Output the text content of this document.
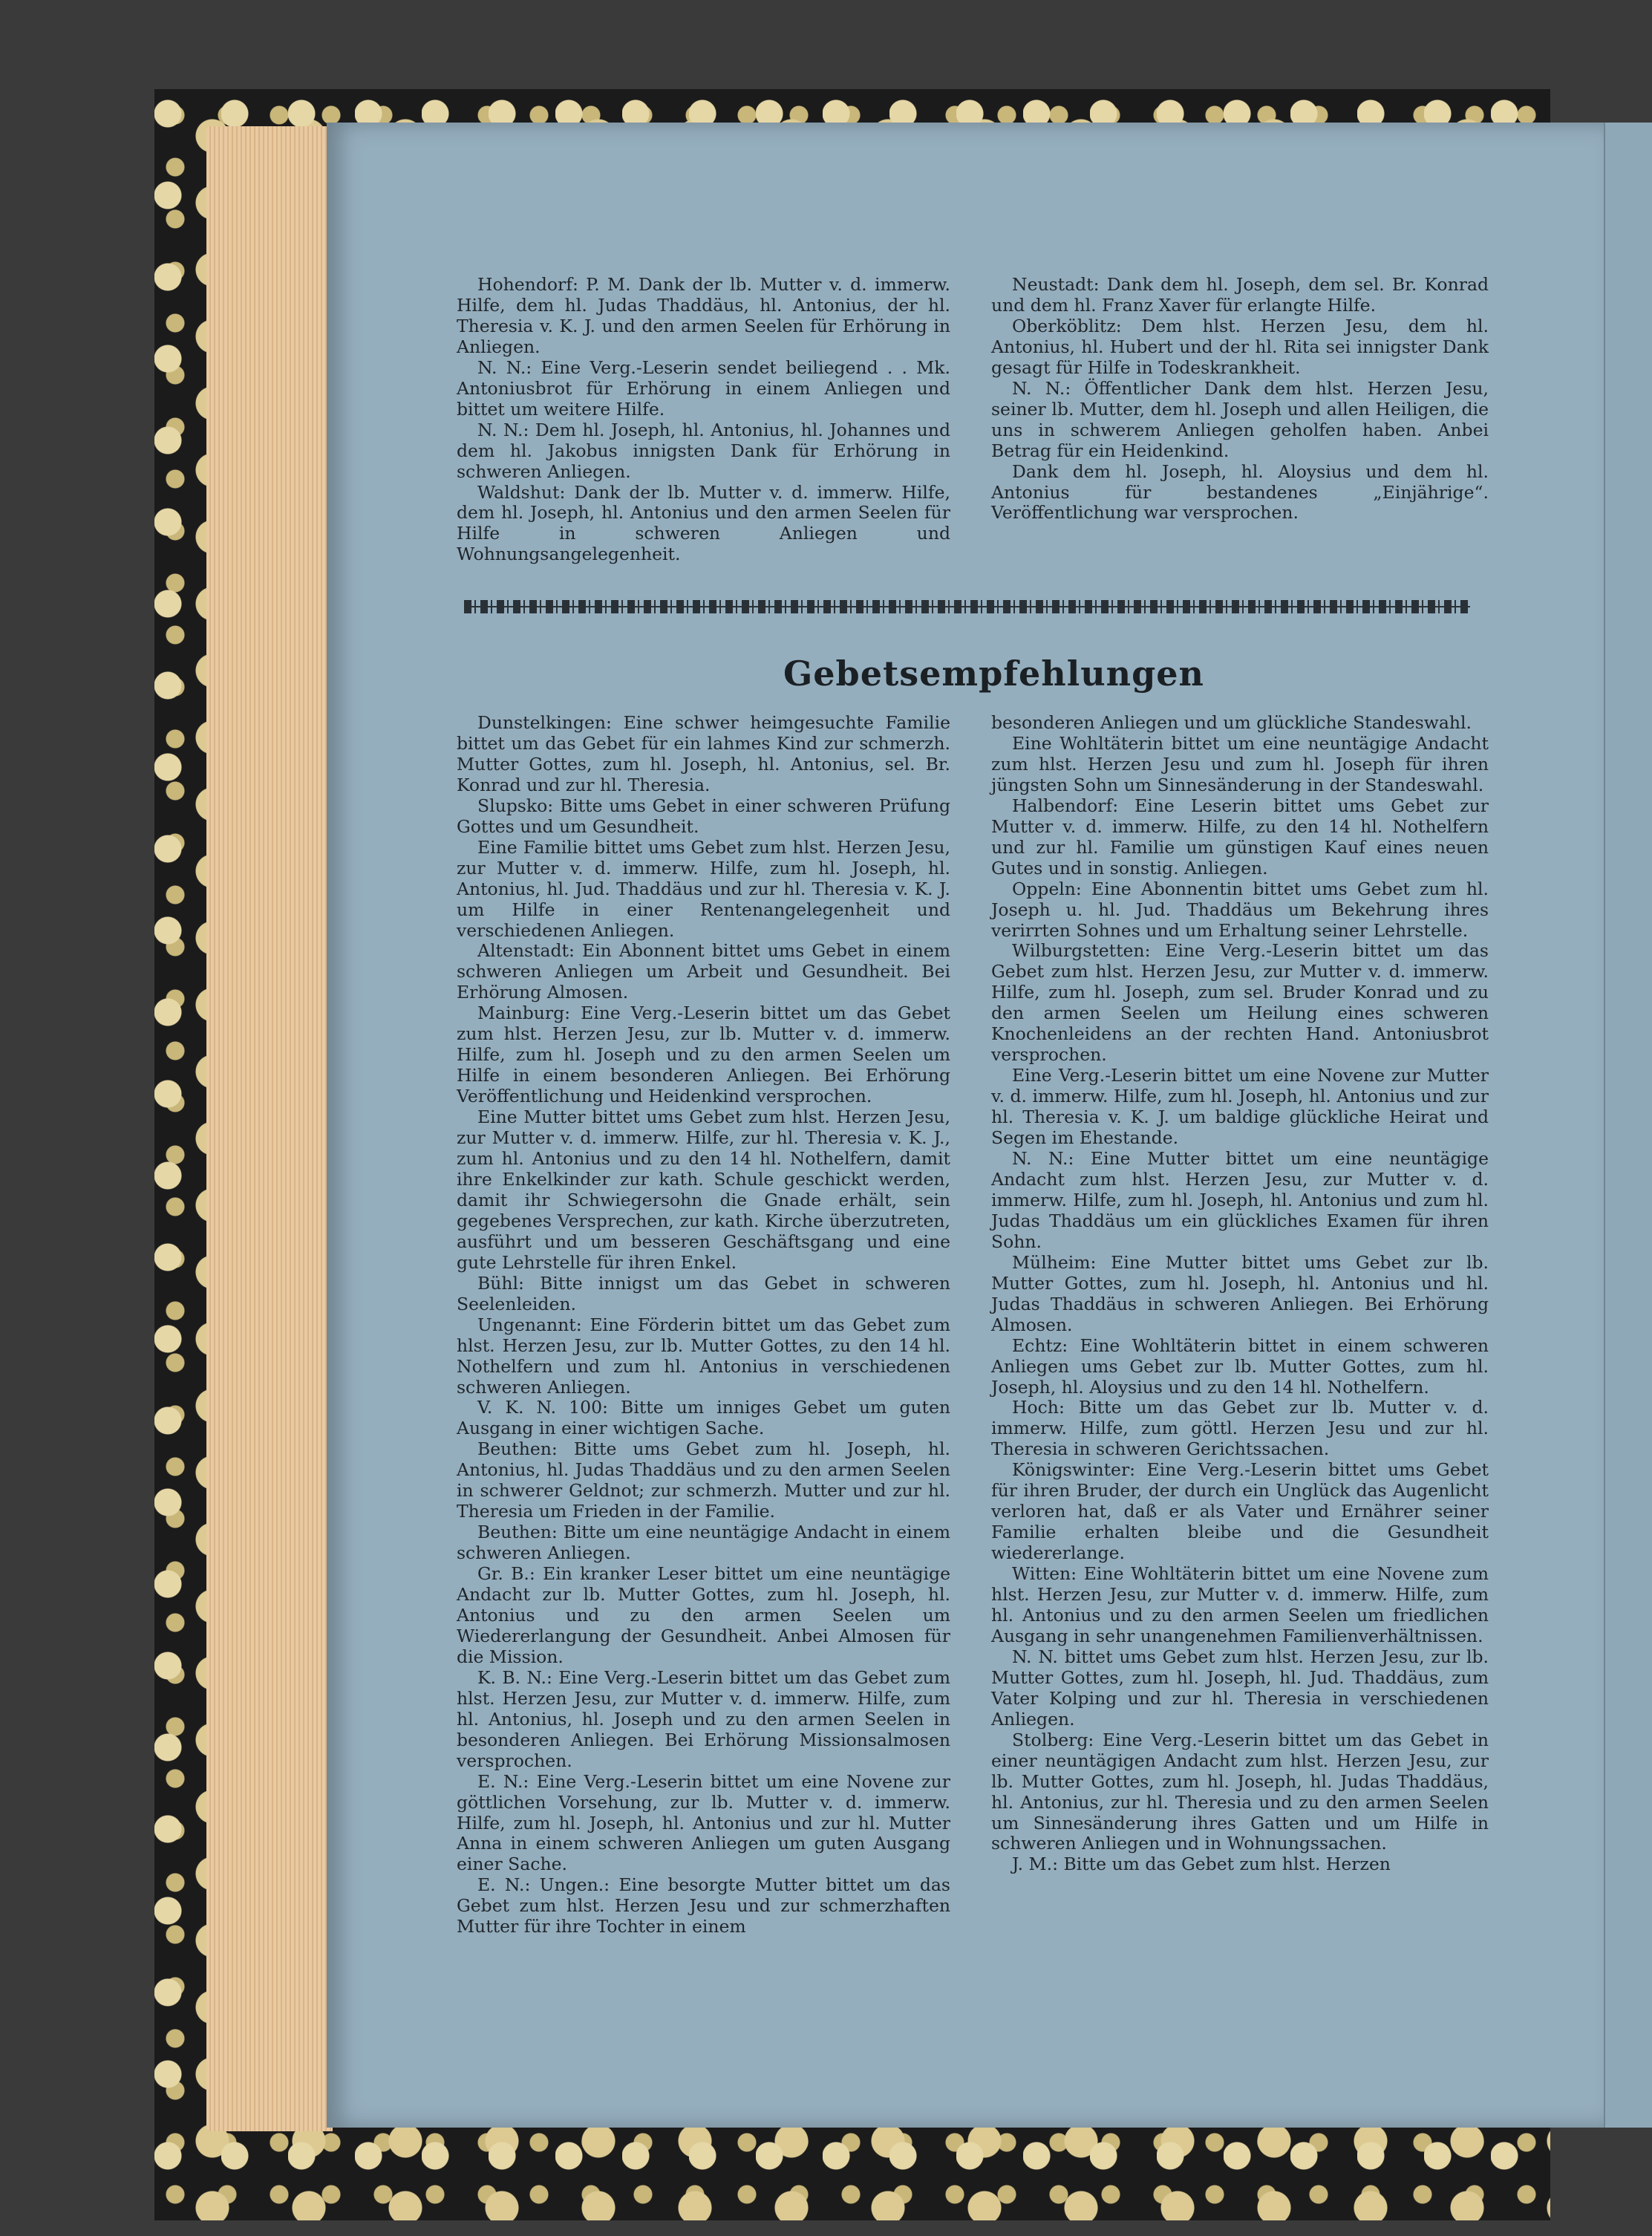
Hohendorf: P. M. Dank der lb. Mutter v. d. immerw. Hilfe, dem hl. Judas Thaddäus, hl. Antonius, der hl. Theresia v. K. J. und den armen Seelen für Erhörung in Anliegen.

N. N.: Eine Verg.-Leserin sendet beiliegend . . Mk. Antoniusbrot für Erhörung in einem Anliegen und bittet um weitere Hilfe.

N. N.: Dem hl. Joseph, hl. Antonius, hl. Johannes und dem hl. Jakobus innigsten Dank für Erhörung in schweren Anliegen.

Waldshut: Dank der lb. Mutter v. d. immerw. Hilfe, dem hl. Joseph, hl. Antonius und den armen Seelen für Hilfe in schweren Anliegen und Wohnungsangelegenheit.

Neustadt: Dank dem hl. Joseph, dem sel. Br. Konrad und dem hl. Franz Xaver für erlangte Hilfe.

Oberköblitz: Dem hlst. Herzen Jesu, dem hl. Antonius, hl. Hubert und der hl. Rita sei innigster Dank gesagt für Hilfe in Todeskrankheit.

N. N.: Öffentlicher Dank dem hlst. Herzen Jesu, seiner lb. Mutter, dem hl. Joseph und allen Heiligen, die uns in schwerem Anliegen geholfen haben. Anbei Betrag für ein Heidenkind.

Dank dem hl. Joseph, hl. Aloysius und dem hl. Antonius für bestandenes „Einjährige“. Veröffentlichung war versprochen.

Gebetsempfehlungen

Dunstelkingen: Eine schwer heimgesuchte Familie bittet um das Gebet für ein lahmes Kind zur schmerzh. Mutter Gottes, zum hl. Joseph, hl. Antonius, sel. Br. Konrad und zur hl. Theresia.

Slupsko: Bitte ums Gebet in einer schweren Prüfung Gottes und um Gesundheit.

Eine Familie bittet ums Gebet zum hlst. Herzen Jesu, zur Mutter v. d. immerw. Hilfe, zum hl. Joseph, hl. Antonius, hl. Jud. Thaddäus und zur hl. Theresia v. K. J. um Hilfe in einer Rentenangelegenheit und verschiedenen Anliegen.

Altenstadt: Ein Abonnent bittet ums Gebet in einem schweren Anliegen um Arbeit und Gesundheit. Bei Erhörung Almosen.

Mainburg: Eine Verg.-Leserin bittet um das Gebet zum hlst. Herzen Jesu, zur lb. Mutter v. d. immerw. Hilfe, zum hl. Joseph und zu den armen Seelen um Hilfe in einem besonderen Anliegen. Bei Erhörung Veröffentlichung und Heidenkind versprochen.

Eine Mutter bittet ums Gebet zum hlst. Herzen Jesu, zur Mutter v. d. immerw. Hilfe, zur hl. Theresia v. K. J., zum hl. Antonius und zu den 14 hl. Nothelfern, damit ihre Enkelkinder zur kath. Schule geschickt werden, damit ihr Schwiegersohn die Gnade erhält, sein gegebenes Versprechen, zur kath. Kirche überzutreten, ausführt und um besseren Geschäftsgang und eine gute Lehrstelle für ihren Enkel.

Bühl: Bitte innigst um das Gebet in schweren Seelenleiden.

Ungenannt: Eine Förderin bittet um das Gebet zum hlst. Herzen Jesu, zur lb. Mutter Gottes, zu den 14 hl. Nothelfern und zum hl. Antonius in verschiedenen schweren Anliegen.

V. K. N. 100: Bitte um inniges Gebet um guten Ausgang in einer wichtigen Sache.

Beuthen: Bitte ums Gebet zum hl. Joseph, hl. Antonius, hl. Judas Thaddäus und zu den armen Seelen in schwerer Geldnot; zur schmerzh. Mutter und zur hl. Theresia um Frieden in der Familie.

Beuthen: Bitte um eine neuntägige Andacht in einem schweren Anliegen.

Gr. B.: Ein kranker Leser bittet um eine neuntägige Andacht zur lb. Mutter Gottes, zum hl. Joseph, hl. Antonius und zu den armen Seelen um Wiedererlangung der Gesundheit. Anbei Almosen für die Mission.

K. B. N.: Eine Verg.-Leserin bittet um das Gebet zum hlst. Herzen Jesu, zur Mutter v. d. immerw. Hilfe, zum hl. Antonius, hl. Joseph und zu den armen Seelen in besonderen Anliegen. Bei Erhörung Missionsalmosen versprochen.

E. N.: Eine Verg.-Leserin bittet um eine Novene zur göttlichen Vorsehung, zur lb. Mutter v. d. immerw. Hilfe, zum hl. Joseph, hl. Antonius und zur hl. Mutter Anna in einem schweren Anliegen um guten Ausgang einer Sache.

E. N.: Ungen.: Eine besorgte Mutter bittet um das Gebet zum hlst. Herzen Jesu und zur schmerzhaften Mutter für ihre Tochter in einem

besonderen Anliegen und um glückliche Standeswahl.

Eine Wohltäterin bittet um eine neuntägige Andacht zum hlst. Herzen Jesu und zum hl. Joseph für ihren jüngsten Sohn um Sinnesänderung in der Standeswahl.

Halbendorf: Eine Leserin bittet ums Gebet zur Mutter v. d. immerw. Hilfe, zu den 14 hl. Nothelfern und zur hl. Familie um günstigen Kauf eines neuen Gutes und in sonstig. Anliegen.

Oppeln: Eine Abonnentin bittet ums Gebet zum hl. Joseph u. hl. Jud. Thaddäus um Bekehrung ihres verirrten Sohnes und um Erhaltung seiner Lehrstelle.

Wilburgstetten: Eine Verg.-Leserin bittet um das Gebet zum hlst. Herzen Jesu, zur Mutter v. d. immerw. Hilfe, zum hl. Joseph, zum sel. Bruder Konrad und zu den armen Seelen um Heilung eines schweren Knochenleidens an der rechten Hand. Antoniusbrot versprochen.

Eine Verg.-Leserin bittet um eine Novene zur Mutter v. d. immerw. Hilfe, zum hl. Joseph, hl. Antonius und zur hl. Theresia v. K. J. um baldige glückliche Heirat und Segen im Ehestande.

N. N.: Eine Mutter bittet um eine neuntägige Andacht zum hlst. Herzen Jesu, zur Mutter v. d. immerw. Hilfe, zum hl. Joseph, hl. Antonius und zum hl. Judas Thaddäus um ein glückliches Examen für ihren Sohn.

Mülheim: Eine Mutter bittet ums Gebet zur lb. Mutter Gottes, zum hl. Joseph, hl. Antonius und hl. Judas Thaddäus in schweren Anliegen. Bei Erhörung Almosen.

Echtz: Eine Wohltäterin bittet in einem schweren Anliegen ums Gebet zur lb. Mutter Gottes, zum hl. Joseph, hl. Aloysius und zu den 14 hl. Nothelfern.

Hoch: Bitte um das Gebet zur lb. Mutter v. d. immerw. Hilfe, zum göttl. Herzen Jesu und zur hl. Theresia in schweren Gerichtssachen.

Königswinter: Eine Verg.-Leserin bittet ums Gebet für ihren Bruder, der durch ein Unglück das Augenlicht verloren hat, daß er als Vater und Ernährer seiner Familie erhalten bleibe und die Gesundheit wiedererlange.

Witten: Eine Wohltäterin bittet um eine Novene zum hlst. Herzen Jesu, zur Mutter v. d. immerw. Hilfe, zum hl. Antonius und zu den armen Seelen um friedlichen Ausgang in sehr unangenehmen Familienverhältnissen.

N. N. bittet ums Gebet zum hlst. Herzen Jesu, zur lb. Mutter Gottes, zum hl. Joseph, hl. Jud. Thaddäus, zum Vater Kolping und zur hl. Theresia in verschiedenen Anliegen.

Stolberg: Eine Verg.-Leserin bittet um das Gebet in einer neuntägigen Andacht zum hlst. Herzen Jesu, zur lb. Mutter Gottes, zum hl. Joseph, hl. Judas Thaddäus, hl. Antonius, zur hl. Theresia und zu den armen Seelen um Sinnesänderung ihres Gatten und um Hilfe in schweren Anliegen und in Wohnungssachen.

J. M.: Bitte um das Gebet zum hlst. Herzen
